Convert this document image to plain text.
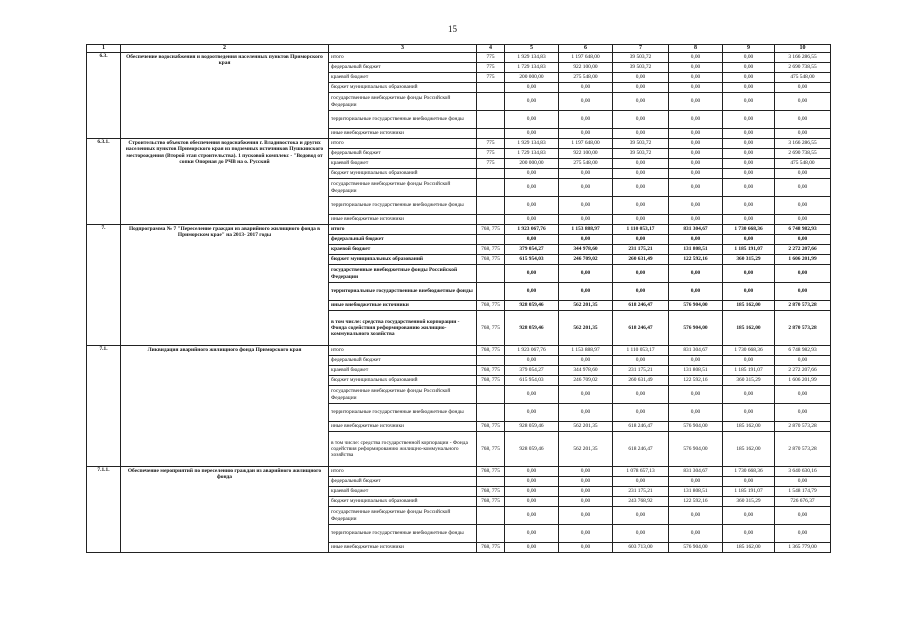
15
1	2	3	4	5	6	7	8	9	10
6.3.	Обеспечение водоснабжения и водоотведения населенных пунктов Приморского края	итого	775	1 929 134,83	1 197 648,00	39 503,72	0,00	0,00	3 166 286,55
		федеральный бюджет	775	1 729 134,83	922 100,00	39 503,72	0,00	0,00	2 690 738,55
		краевой бюджет	775	200 000,00	275 548,00	0,00	0,00	0,00	475 548,00
		бюджет муниципальных образований		0,00	0,00	0,00	0,00	0,00	0,00
		государственные внебюджетные фонды Российской Федерации		0,00	0,00	0,00	0,00	0,00	0,00
		территориальные государственные внебюджетные фонды		0,00	0,00	0,00	0,00	0,00	0,00
		иные внебюджетные источники		0,00	0,00	0,00	0,00	0,00	0,00
6.3.1.	Строительство объектов обеспечения водоснабжения г. Владивостока и других населенных пунктов Приморского края из подземных источников Пушкинского месторождения (Второй этап строительства). 1 пусковой комплекс - "Водовод от сопки Опорная до РЧВ на о. Русский	итого	775	1 929 134,83	1 197 648,00	39 503,72	0,00	0,00	3 166 286,55
		федеральный бюджет	775	1 729 134,83	922 100,00	39 503,72	0,00	0,00	2 690 738,55
		краевой бюджет	775	200 000,00	275 548,00	0,00	0,00	0,00	475 548,00
		бюджет муниципальных образований		0,00	0,00	0,00	0,00	0,00	0,00
		государственные внебюджетные фонды Российской Федерации		0,00	0,00	0,00	0,00	0,00	0,00
		территориальные государственные внебюджетные фонды		0,00	0,00	0,00	0,00	0,00	0,00
		иные внебюджетные источники		0,00	0,00	0,00	0,00	0,00	0,00
7.	Подпрограмма № 7 "Переселение граждан из аварийного жилищного фонда в Приморском крае" на 2013- 2017 годы	итого	768, 775	1 923 067,76	1 153 888,97	1 110 053,17	831 304,67	1 730 668,36	6 748 982,93
		федеральный бюджет		0,00	0,00	0,00	0,00	0,00	0,00
		краевой бюджет	768, 775	379 054,27	344 978,60	231 175,21	131 808,51	1 185 191,07	2 272 207,66
		бюджет муниципальных образований	768, 775	615 954,03	246 709,02	260 631,49	122 592,16	360 315,29	1 606 201,99
		государственные внебюджетные фонды Российской Федерации		0,00	0,00	0,00	0,00	0,00	0,00
		территориальные государственные внебюджетные фонды		0,00	0,00	0,00	0,00	0,00	0,00
		иные внебюджетные источники	768, 775	928 059,46	562 201,35	618 246,47	576 904,00	185 162,00	2 870 573,28
		в том числе: средства государственной корпорации - Фонда содействия реформированию жилищно-коммунального хозяйства	768, 775	928 059,46	562 201,35	618 246,47	576 904,00	185 162,00	2 870 573,28
7.1.	Ликвидация аварийного жилищного фонда Приморского края	итого	768, 775	1 923 067,76	1 153 888,97	1 110 053,17	831 304,67	1 730 668,36	6 748 982,93
		федеральный бюджет		0,00	0,00	0,00	0,00	0,00	0,00
		краевой бюджет	768, 775	379 054,27	344 978,60	231 175,21	131 808,51	1 185 191,07	2 272 207,66
		бюджет муниципальных образований	768, 775	615 954,03	246 709,02	260 631,49	122 592,16	360 315,29	1 606 201,99
		государственные внебюджетные фонды Российской Федерации		0,00	0,00	0,00	0,00	0,00	0,00
		территориальные государственные внебюджетные фонды		0,00	0,00	0,00	0,00	0,00	0,00
		иные внебюджетные источники	768, 775	928 059,46	562 201,35	618 246,47	576 904,00	185 162,00	2 870 573,28
		в том числе: средства государственной корпорации - Фонда содействия реформированию жилищно-коммунального хозяйства	768, 775	928 059,46	562 201,35	618 246,47	576 904,00	185 162,00	2 870 573,28
7.1.1.	Обеспечение мероприятий по переселению граждан из аварийного жилищного фонда	итого	768, 775	0,00	0,00	1 078 657,13	831 304,67	1 730 668,36	3 640 630,16
		федеральный бюджет		0,00	0,00	0,00	0,00	0,00	0,00
		краевой бюджет	768, 775	0,00	0,00	231 175,21	131 808,51	1 185 191,07	1 548 174,79
		бюджет муниципальных образований	768, 775	0,00	0,00	243 768,92	122 592,16	360 315,29	726 676,37
		государственные внебюджетные фонды Российской Федерации		0,00	0,00	0,00	0,00	0,00	0,00
		территориальные государственные внебюджетные фонды		0,00	0,00	0,00	0,00	0,00	0,00
		иные внебюджетные источники	768, 775	0,00	0,00	603 713,00	576 904,00	185 162,00	1 365 779,00
